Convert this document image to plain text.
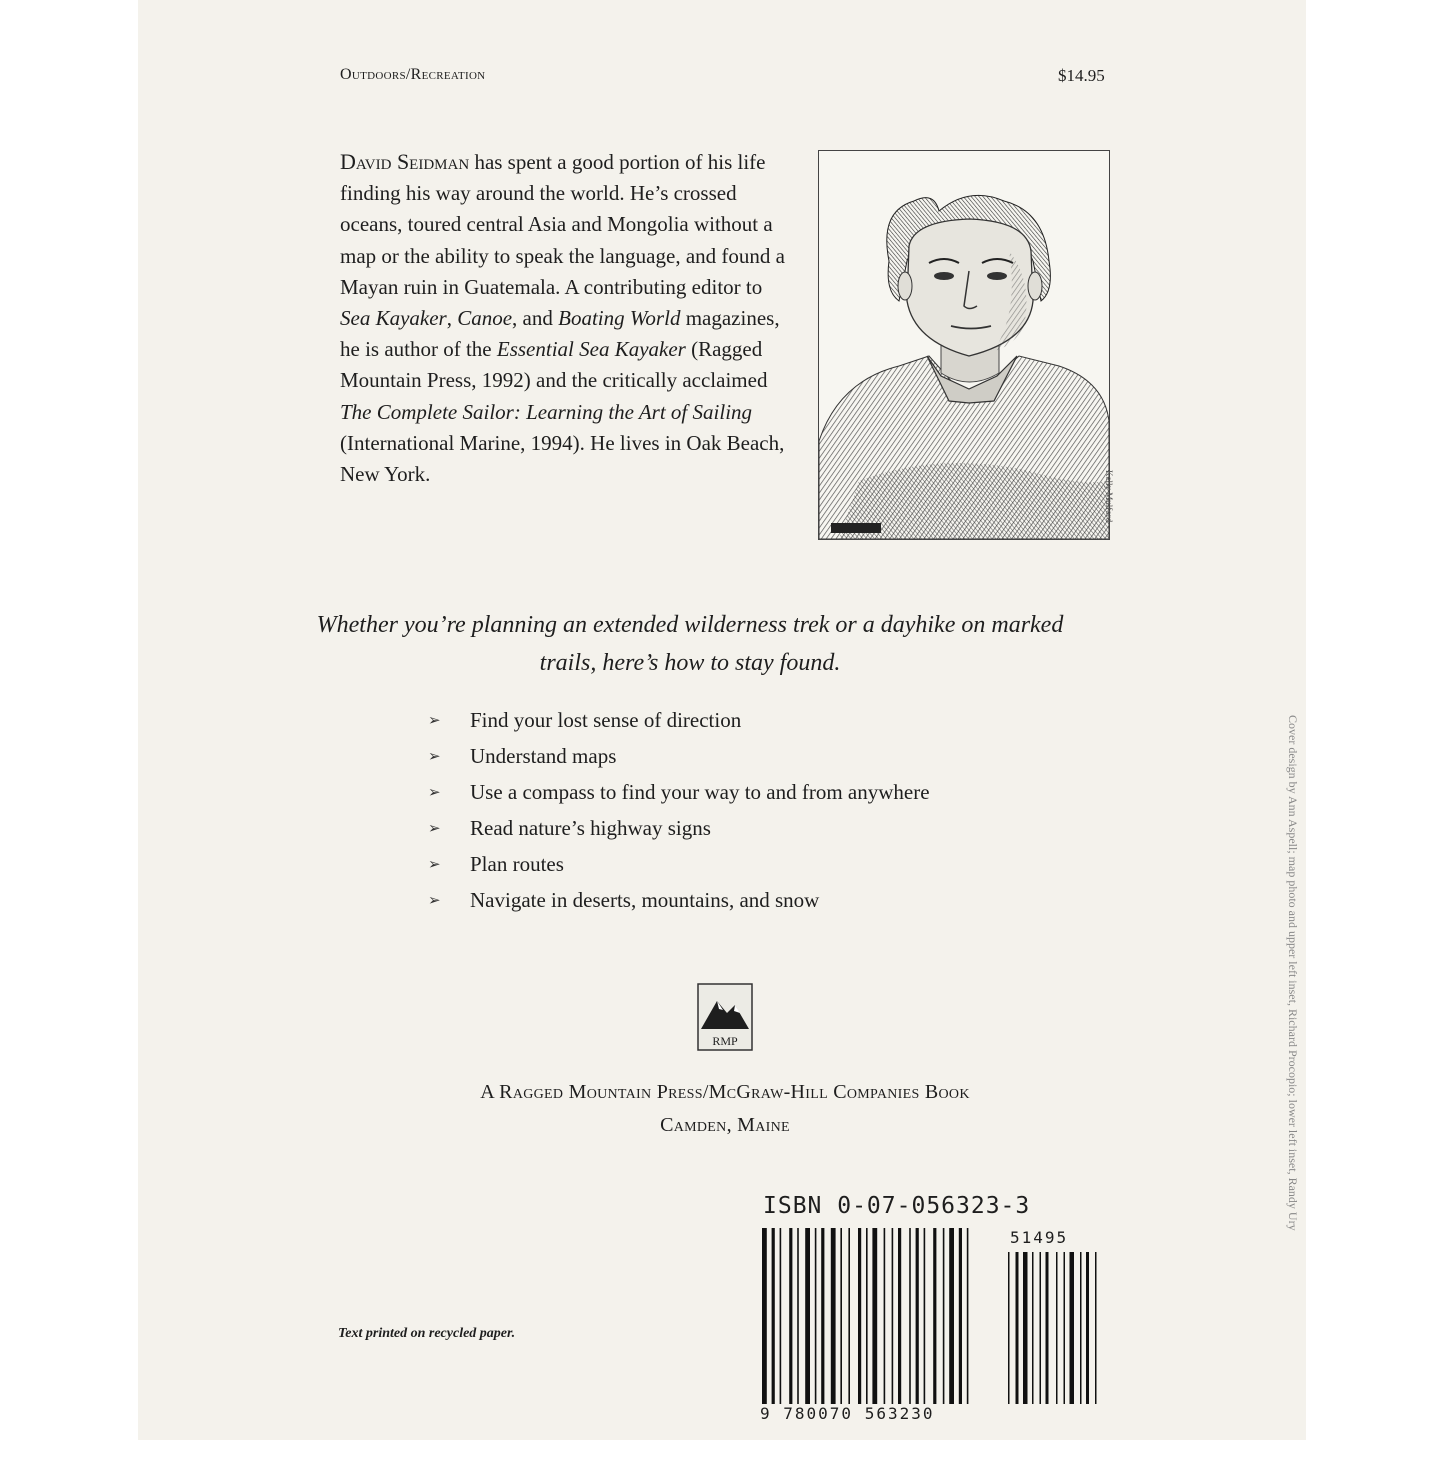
Outdoors/Recreation	$14.95

David Seidman has spent a good portion of his life finding his way around the world. He’s crossed oceans, toured central Asia and Mongolia without a map or the ability to speak the language, and found a Mayan ruin in Guatemala. A contributing editor to Sea Kayaker, Canoe, and Boating World magazines, he is author of the Essential Sea Kayaker (Ragged Mountain Press, 1992) and the critically acclaimed The Complete Sailor: Learning the Art of Sailing (International Marine, 1994). He lives in Oak Beach, New York.	Kelly Mulford

Whether you’re planning an extended wilderness trek or a dayhike on marked trails, here’s how to stay found.

➢	Find your lost sense of direction
➢	Understand maps
➢	Use a compass to find your way to and from anywhere
➢	Read nature’s highway signs
➢	Plan routes
➢	Navigate in deserts, mountains, and snow
RMP
A Ragged Mountain Press/McGraw-Hill Companies Book
Camden, Maine
ISBN 0-07-056323-3
51495
9 780070 563230
Text printed on recycled paper.
Cover design by Ann Aspell; map photo and upper left inset, Richard Procopio; lower left inset, Randy Ury
